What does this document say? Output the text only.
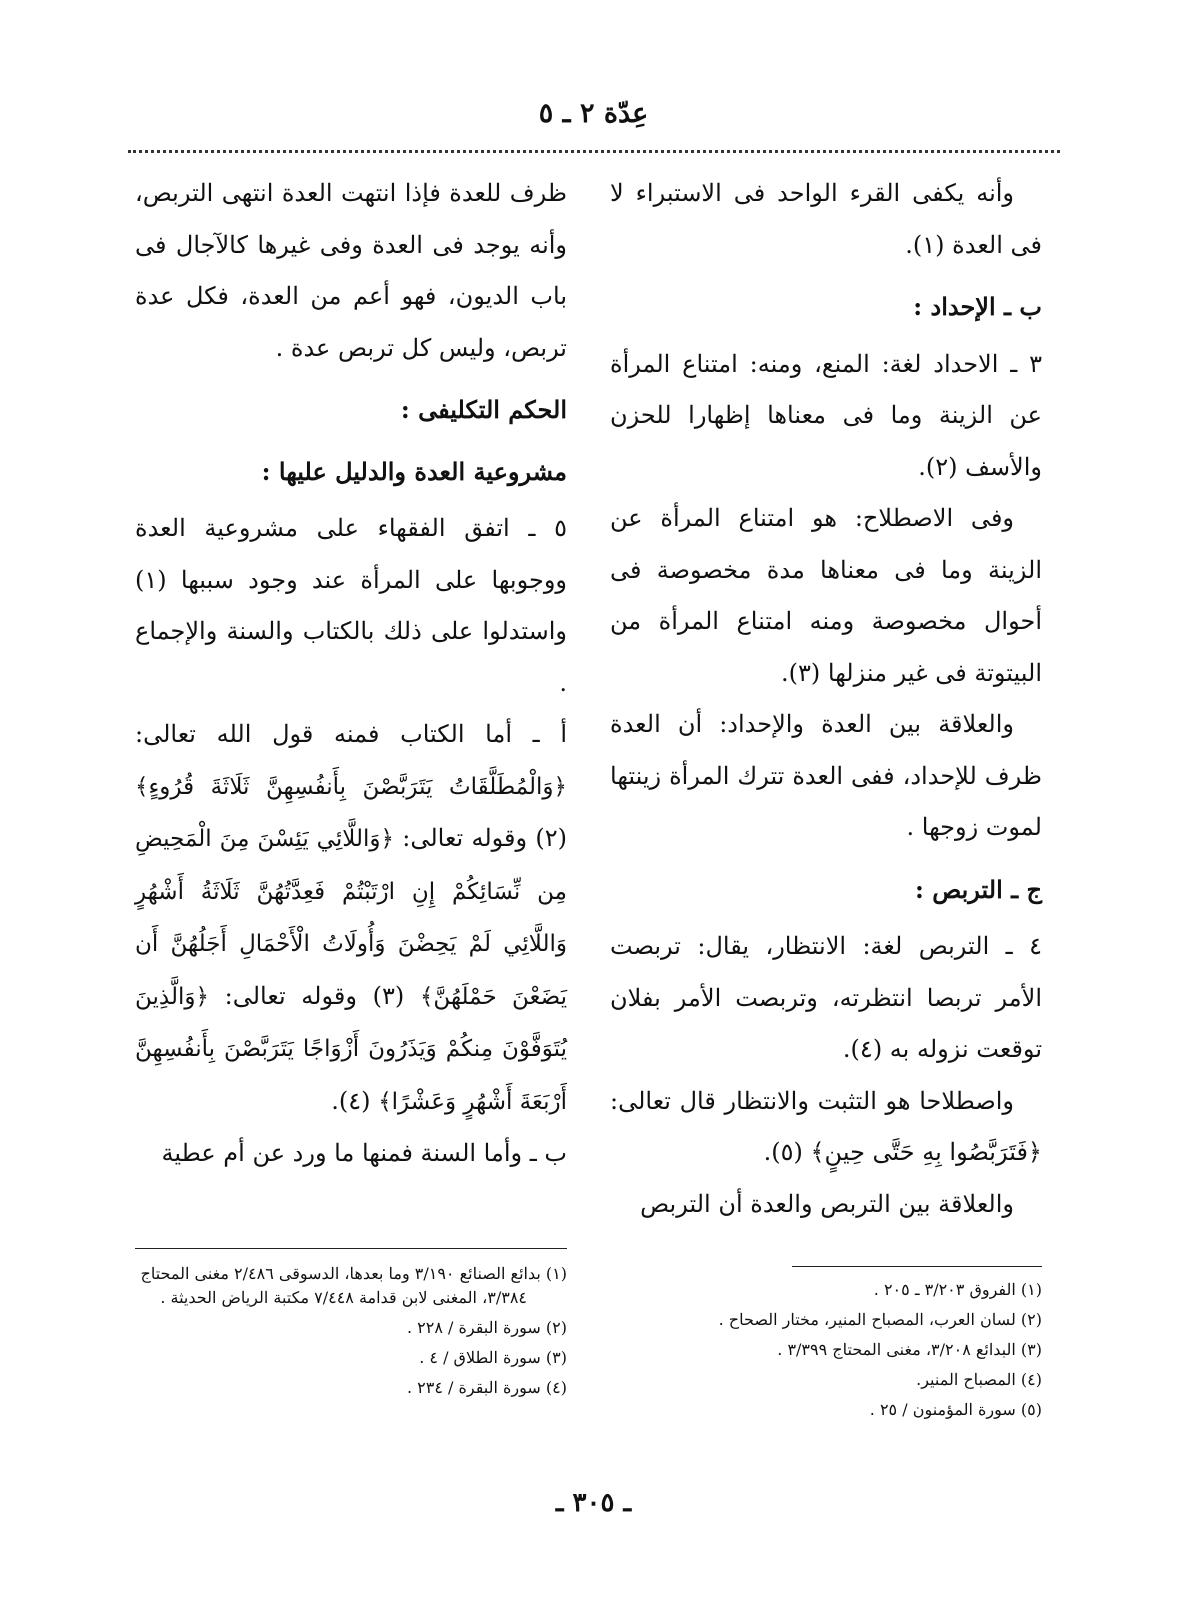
عِدّة ٢ ـ ٥

وأنه يكفى القرء الواحد فى الاستبراء لا فى العدة (١).

ب ـ الإحداد :

٣ ـ الاحداد لغة: المنع، ومنه: امتناع المرأة عن الزينة وما فى معناها إظهارا للحزن والأسف (٢).

وفى الاصطلاح: هو امتناع المرأة عن الزينة وما فى معناها مدة مخصوصة فى أحوال مخصوصة ومنه امتناع المرأة من البيتوتة فى غير منزلها (٣).

والعلاقة بين العدة والإحداد: أن العدة ظرف للإحداد، ففى العدة تترك المرأة زينتها لموت زوجها .

ج ـ التربص :

٤ ـ التربص لغة: الانتظار، يقال: تربصت الأمر تربصا انتظرته، وتربصت الأمر بفلان توقعت نزوله به (٤).

واصطلاحا هو التثبت والانتظار قال تعالى: ﴿فَتَرَبَّصُوا بِهِ حَتَّى حِينٍ﴾ (٥).

والعلاقة بين التربص والعدة أن التربص

ظرف للعدة فإذا انتهت العدة انتهى التربص، وأنه يوجد فى العدة وفى غيرها كالآجال فى باب الديون، فهو أعم من العدة، فكل عدة تربص، وليس كل تربص عدة .

الحكم التكليفى :

مشروعية العدة والدليل عليها :

٥ ـ اتفق الفقهاء على مشروعية العدة ووجوبها على المرأة عند وجود سببها (١) واستدلوا على ذلك بالكتاب والسنة والإجماع .

أ ـ أما الكتاب فمنه قول الله تعالى: ﴿وَالْمُطَلَّقَاتُ يَتَرَبَّصْنَ بِأَنفُسِهِنَّ ثَلَاثَةَ قُرُوءٍ﴾ (٢) وقوله تعالى: ﴿وَاللَّائِي يَئِسْنَ مِنَ الْمَحِيضِ مِن نِّسَائِكُمْ إِنِ ارْتَبْتُمْ فَعِدَّتُهُنَّ ثَلَاثَةُ أَشْهُرٍ وَاللَّائِي لَمْ يَحِضْنَ وَأُولَاتُ الْأَحْمَالِ أَجَلُهُنَّ أَن يَضَعْنَ حَمْلَهُنَّ﴾ (٣) وقوله تعالى: ﴿وَالَّذِينَ يُتَوَفَّوْنَ مِنكُمْ وَيَذَرُونَ أَزْوَاجًا يَتَرَبَّصْنَ بِأَنفُسِهِنَّ أَرْبَعَةَ أَشْهُرٍ وَعَشْرًا﴾ (٤).

ب ـ وأما السنة فمنها ما ورد عن أم عطية

(١) الفروق ٣/٢٠٣ ـ ٢٠٥ .
(٢) لسان العرب، المصباح المنير، مختار الصحاح .
(٣) البدائع ٣/٢٠٨، مغنى المحتاج ٣/٣٩٩ .
(٤) المصباح المنير.
(٥) سورة المؤمنون / ٢٥ .
(١) بدائع الصنائع ٣/١٩٠ وما بعدها، الدسوقى ٢/٤٨٦ مغنى المحتاج ٣/٣٨٤، المغنى لابن قدامة ٧/٤٤٨ مكتبة الرياض الحديثة .
(٢) سورة البقرة / ٢٢٨ .
(٣) سورة الطلاق / ٤ .
(٤) سورة البقرة / ٢٣٤ .
ـ ٣٠٥ ـ
